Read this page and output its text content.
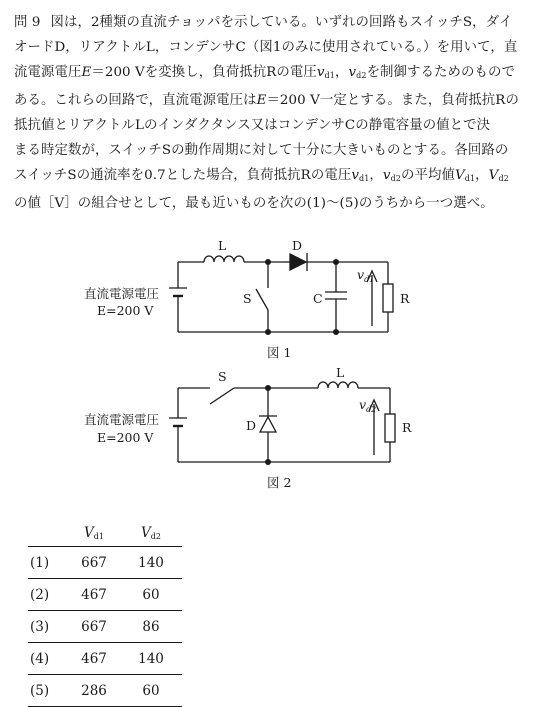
問 9 図は，2種類の直流チョッパを示している。いずれの回路もスイッチS，ダイ

オードD，リアクトルL，コンデンサC（図1のみに使用されている。）を用いて，直

流電源電圧E＝200 Vを変換し，負荷抵抗Rの電圧$v_{d1}$，$v_{d2}$を制御するためのもので

ある。これらの回路で，直流電源電圧はE＝200 V一定とする。また，負荷抵抗Rの

抵抗値とリアクトルLのインダクタンス又はコンデンサCの静電容量の値とで決

まる時定数が，スイッチSの動作周期に対して十分に大きいものとする。各回路の

スイッチSの通流率を0.7とした場合，負荷抵抗Rの電圧$v_{d1}$，$v_{d2}$の平均値$V_{d1}$，$V_{d2}$

の値［V］の組合せとして，最も近いものを次の(1)〜(5)のうちから一つ選べ。

L	D
S	C	R
$v_{d1}$
直流電源電圧
E=200 V
図 1
S	L
D	R
$v_{d2}$
直流電源電圧
E=200 V
図 2
	$V_{d1}$	$V_{d2}$
(1)	667	140
(2)	467	60
(3)	667	86
(4)	467	140
(5)	286	60
